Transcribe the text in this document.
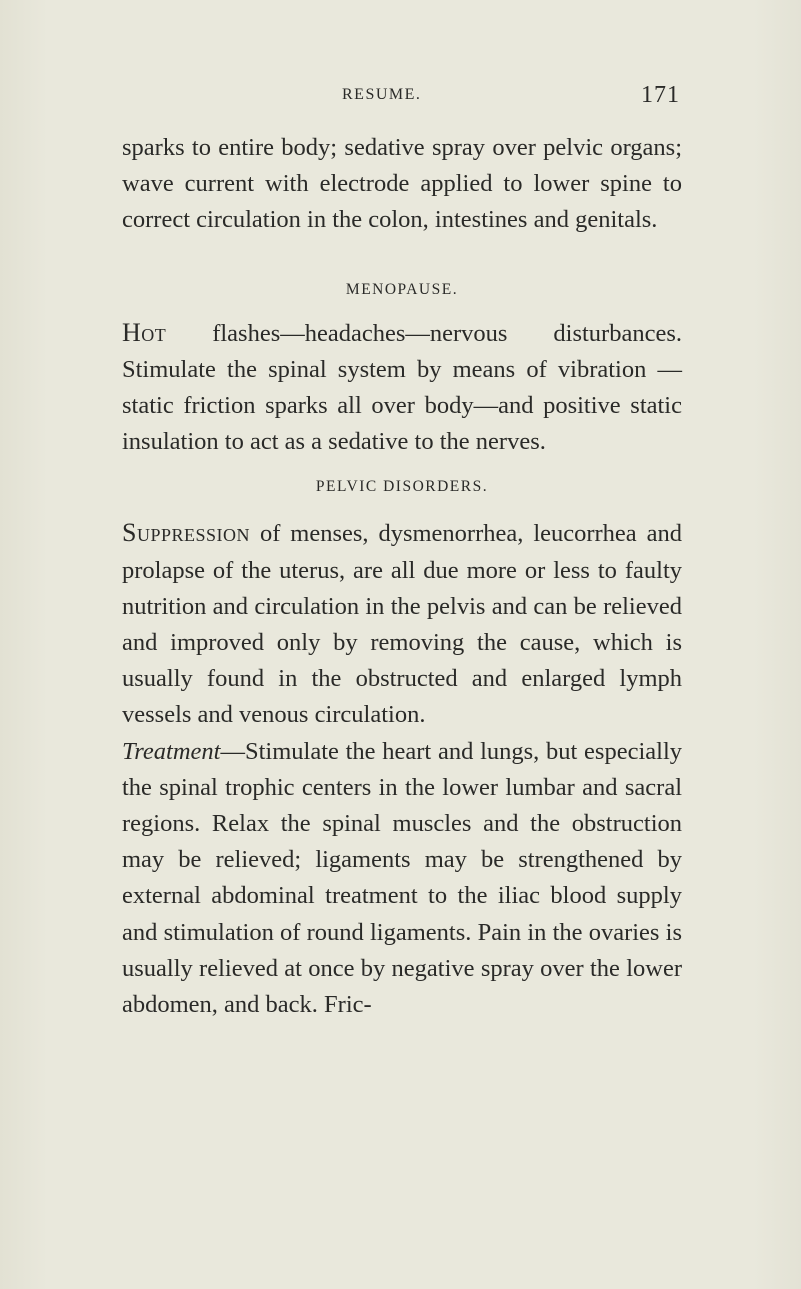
RESUME.	171

sparks to entire body; sedative spray over pelvic organs; wave current with electrode applied to lower spine to correct circulation in the colon, intestines and genitals.

MENOPAUSE.

Hot flashes—headaches—nervous disturbances. Stimulate the spinal system by means of vibration —static friction sparks all over body—and positive static insulation to act as a sedative to the nerves.

PELVIC DISORDERS.

Suppression of menses, dysmenorrhea, leucorrhea and prolapse of the uterus, are all due more or less to faulty nutrition and circulation in the pelvis and can be relieved and improved only by removing the cause, which is usually found in the obstructed and enlarged lymph vessels and venous circulation.

Treatment—Stimulate the heart and lungs, but especially the spinal trophic centers in the lower lumbar and sacral regions. Relax the spinal muscles and the obstruction may be relieved; ligaments may be strengthened by external abdominal treatment to the iliac blood supply and stimulation of round ligaments. Pain in the ovaries is usually relieved at once by negative spray over the lower abdomen, and back. Fric-
